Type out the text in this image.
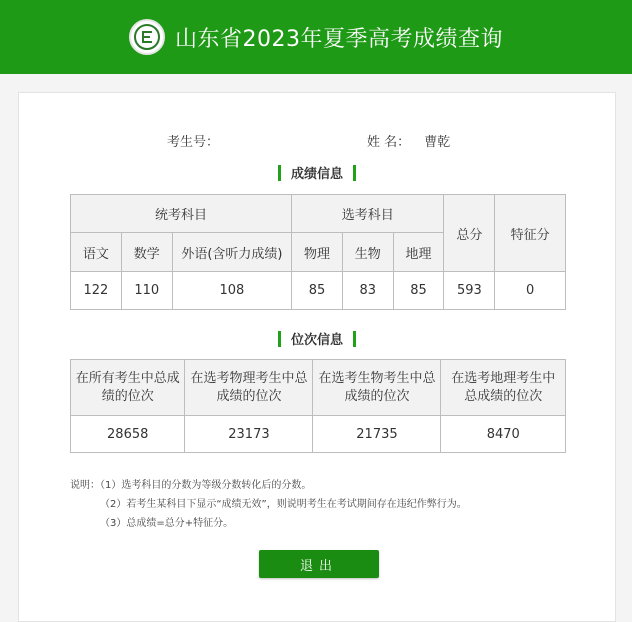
山东省2023年夏季高考成绩查询
考生号：	姓 名： 曹乾
成绩信息
统考科目			选考科目			总分	特征分
语文	数学	外语(含听力成绩)	物理	生物	地理		
122	110	108	85	83	85	593	0
位次信息
在所有考生中总成绩的位次	在选考物理考生中总成绩的位次	在选考生物考生中总成绩的位次	在选考地理考生中总成绩的位次
28658	23173	21735	8470
说明：（1）选考科目的分数为等级分数转化后的分数。
（2）若考生某科目下显示“成绩无效”，则说明考生在考试期间存在违纪作弊行为。
（3）总成绩=总分+特征分。
退出
